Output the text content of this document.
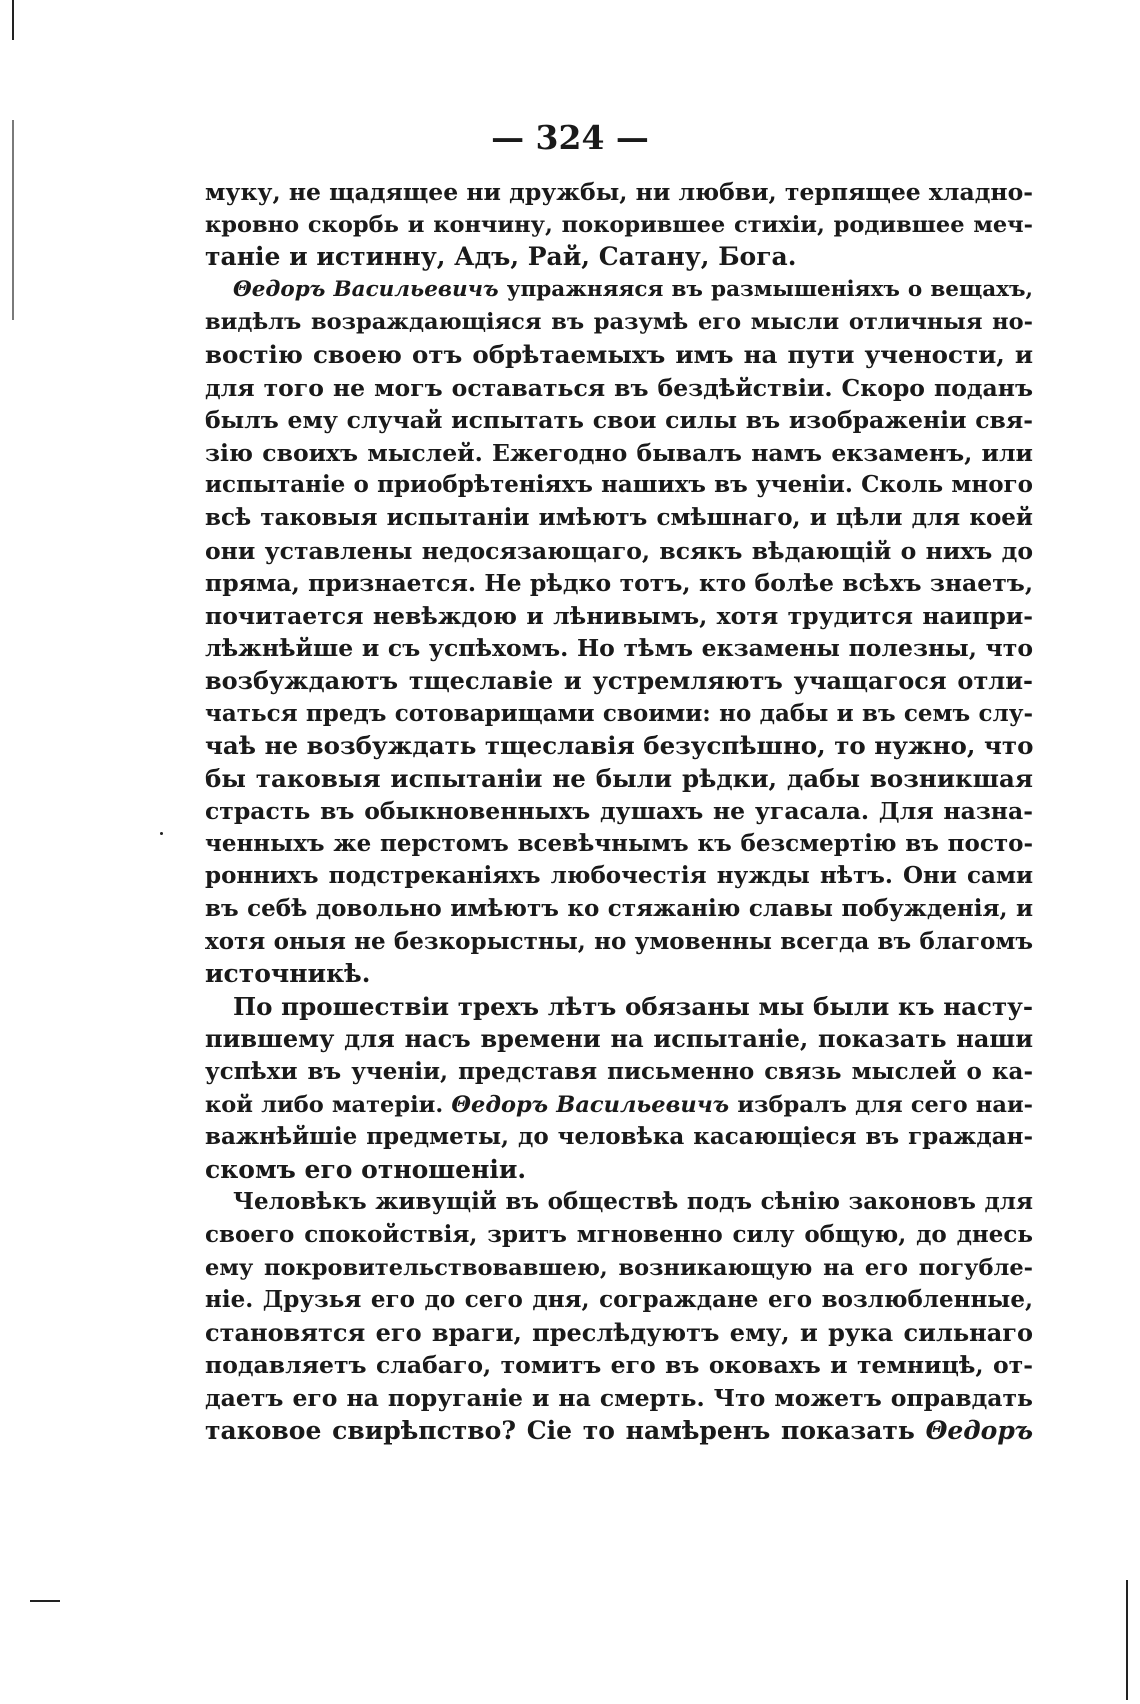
— 324 —
муку, не щадящее ни дружбы, ни любви, терпящее хладно-
кровно скорбь и кончину, покорившее стихіи, родившее меч-
таніе и истинну, Адъ, Рай, Сатану, Бога.
Θедоръ Васильевичъ упражняяся въ размышеніяхъ о вещахъ,
видѣлъ возраждающіяся въ разумѣ его мысли отличныя но-
востію своею отъ обрѣтаемыхъ имъ на пути учености, и
для того не могъ оставаться въ бездѣйствіи. Скоро поданъ
былъ ему случай испытать свои силы въ изображеніи свя-
зію своихъ мыслей. Ежегодно бывалъ намъ екзаменъ, или
испытаніе о приобрѣтеніяхъ нашихъ въ ученіи. Сколь много
всѣ таковыя испытаніи имѣютъ смѣшнаго, и цѣли для коей
они уставлены недосязающаго, всякъ вѣдающій о нихъ до
пряма, признается. Не рѣдко тотъ, кто болѣе всѣхъ знаетъ,
почитается невѣждою и лѣнивымъ, хотя трудится наипри-
лѣжнѣйше и съ успѣхомъ. Но тѣмъ екзамены полезны, что
возбуждаютъ тщеславіе и устремляютъ учащагося отли-
чаться предъ сотоварищами своими: но дабы и въ семъ слу-
чаѣ не возбуждать тщеславія безуспѣшно, то нужно, что
бы таковыя испытаніи не были рѣдки, дабы возникшая
страсть въ обыкновенныхъ душахъ не угасала. Для назна-
ченныхъ же перстомъ всевѣчнымъ къ безсмертію въ посто-
роннихъ подстреканіяхъ любочестія нужды нѣтъ. Они сами
въ себѣ довольно имѣютъ ко стяжанію славы побужденія, и
хотя оныя не безкорыстны, но умовенны всегда въ благомъ
источникѣ.
По прошествіи трехъ лѣтъ обязаны мы были къ насту-
пившему для насъ времени на испытаніе, показать наши
успѣхи въ ученіи, представя письменно связь мыслей о ка-
кой либо матеріи. Θедоръ Васильевичъ избралъ для сего наи-
важнѣйшіе предметы, до человѣка касающіеся въ граждан-
скомъ его отношеніи.
Человѣкъ живущій въ обществѣ подъ сѣнію законовъ для
своего спокойствія, зритъ мгновенно силу общую, до днесь
ему покровительствовавшею, возникающую на его погубле-
ніе. Друзья его до сего дня, сограждане его возлюбленные,
становятся его враги, преслѣдуютъ ему, и рука сильнаго
подавляетъ слабаго, томитъ его въ оковахъ и темницѣ, от-
даетъ его на поруганіе и на смерть. Что можетъ оправдать
таковое свирѣпство? Сіе то намѣренъ показать Θедоръ
